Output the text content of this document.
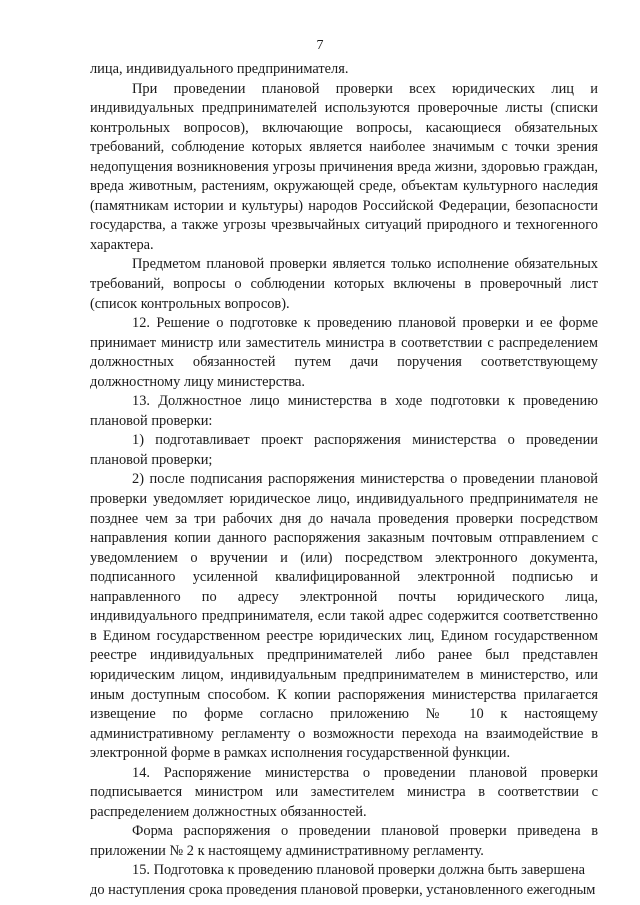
7

лица, индивидуального предпринимателя.

При проведении плановой проверки всех юридических лиц и индивидуальных предпринимателей используются проверочные листы (списки контрольных вопросов), включающие вопросы, касающиеся обязательных требований, соблюдение которых является наиболее значимым с точки зрения недопущения возникновения угрозы причинения вреда жизни, здоровью граждан, вреда животным, растениям, окружающей среде, объектам культурного наследия (памятникам истории и культуры) народов Российской Федерации, безопасности государства, а также угрозы чрезвычайных ситуаций природного и техногенного характера.

Предметом плановой проверки является только исполнение обязательных требований, вопросы о соблюдении которых включены в проверочный лист (список контрольных вопросов).

12. Решение о подготовке к проведению плановой проверки и ее форме принимает министр или заместитель министра в соответствии с распределением должностных обязанностей путем дачи поручения соответствующему должностному лицу министерства.

13. Должностное лицо министерства в ходе подготовки к проведению плановой проверки:

1) подготавливает проект распоряжения министерства о проведении плановой проверки;

2) после подписания распоряжения министерства о проведении плановой проверки уведомляет юридическое лицо, индивидуального предпринимателя не позднее чем за три рабочих дня до начала проведения проверки посредством направления копии данного распоряжения заказным почтовым отправлением с уведомлением о вручении и (или) посредством электронного документа, подписанного усиленной квалифицированной электронной подписью и направленного по адресу электронной почты юридического лица, индивидуального предпринимателя, если такой адрес содержится соответственно в Едином государственном реестре юридических лиц, Едином государственном реестре индивидуальных предпринимателей либо ранее был представлен юридическим лицом, индивидуальным предпринимателем в министерство, или иным доступным способом. К копии распоряжения министерства прилагается извещение по форме согласно приложению № 10 к настоящему административному регламенту о возможности перехода на взаимодействие в электронной форме в рамках исполнения государственной функции.

14. Распоряжение министерства о проведении плановой проверки подписывается министром или заместителем министра в соответствии с распределением должностных обязанностей.

Форма распоряжения о проведении плановой проверки приведена в приложении № 2 к настоящему административному регламенту.

15. Подготовка к проведению плановой проверки должна быть завершена до наступления срока проведения плановой проверки, установленного ежегодным
